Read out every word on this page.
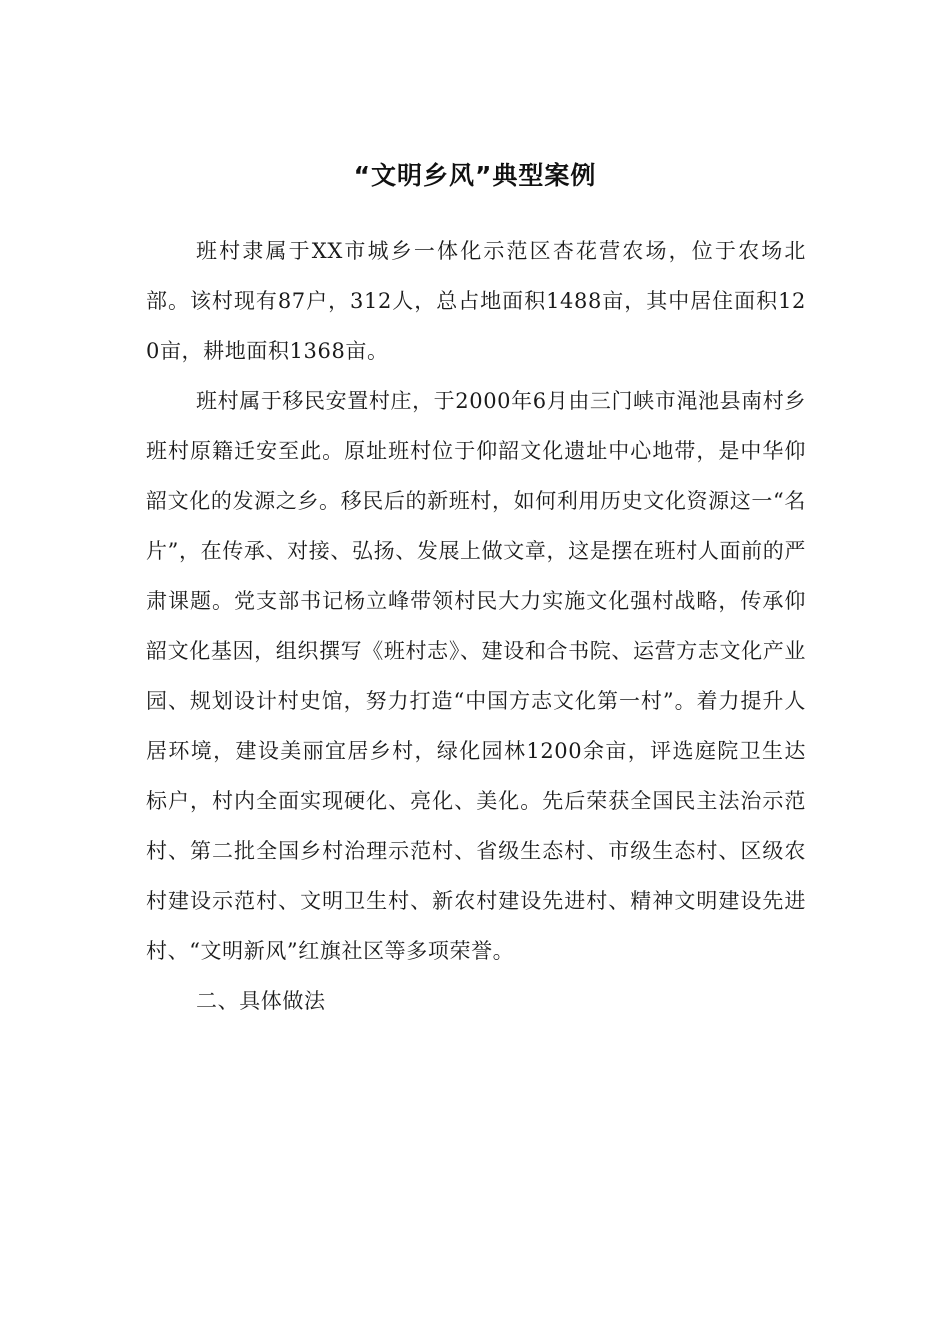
“文明乡风”典型案例

班村隶属于XX市城乡一体化示范区杏花营农场，位于农场北部。该村现有87户，312人，总占地面积1488亩，其中居住面积120亩，耕地面积1368亩。

班村属于移民安置村庄，于2000年6月由三门峡市渑池县南村乡班村原籍迁安至此。原址班村位于仰韶文化遗址中心地带，是中华仰韶文化的发源之乡。移民后的新班村，如何利用历史文化资源这一“名片”，在传承、对接、弘扬、发展上做文章，这是摆在班村人面前的严肃课题。党支部书记杨立峰带领村民大力实施文化强村战略，传承仰韶文化基因，组织撰写《班村志》、建设和合书院、运营方志文化产业园、规划设计村史馆，努力打造“中国方志文化第一村”。着力提升人居环境，建设美丽宜居乡村，绿化园林1200余亩，评选庭院卫生达标户，村内全面实现硬化、亮化、美化。先后荣获全国民主法治示范村、第二批全国乡村治理示范村、省级生态村、市级生态村、区级农村建设示范村、文明卫生村、新农村建设先进村、精神文明建设先进村、“文明新风”红旗社区等多项荣誉。

二、具体做法
